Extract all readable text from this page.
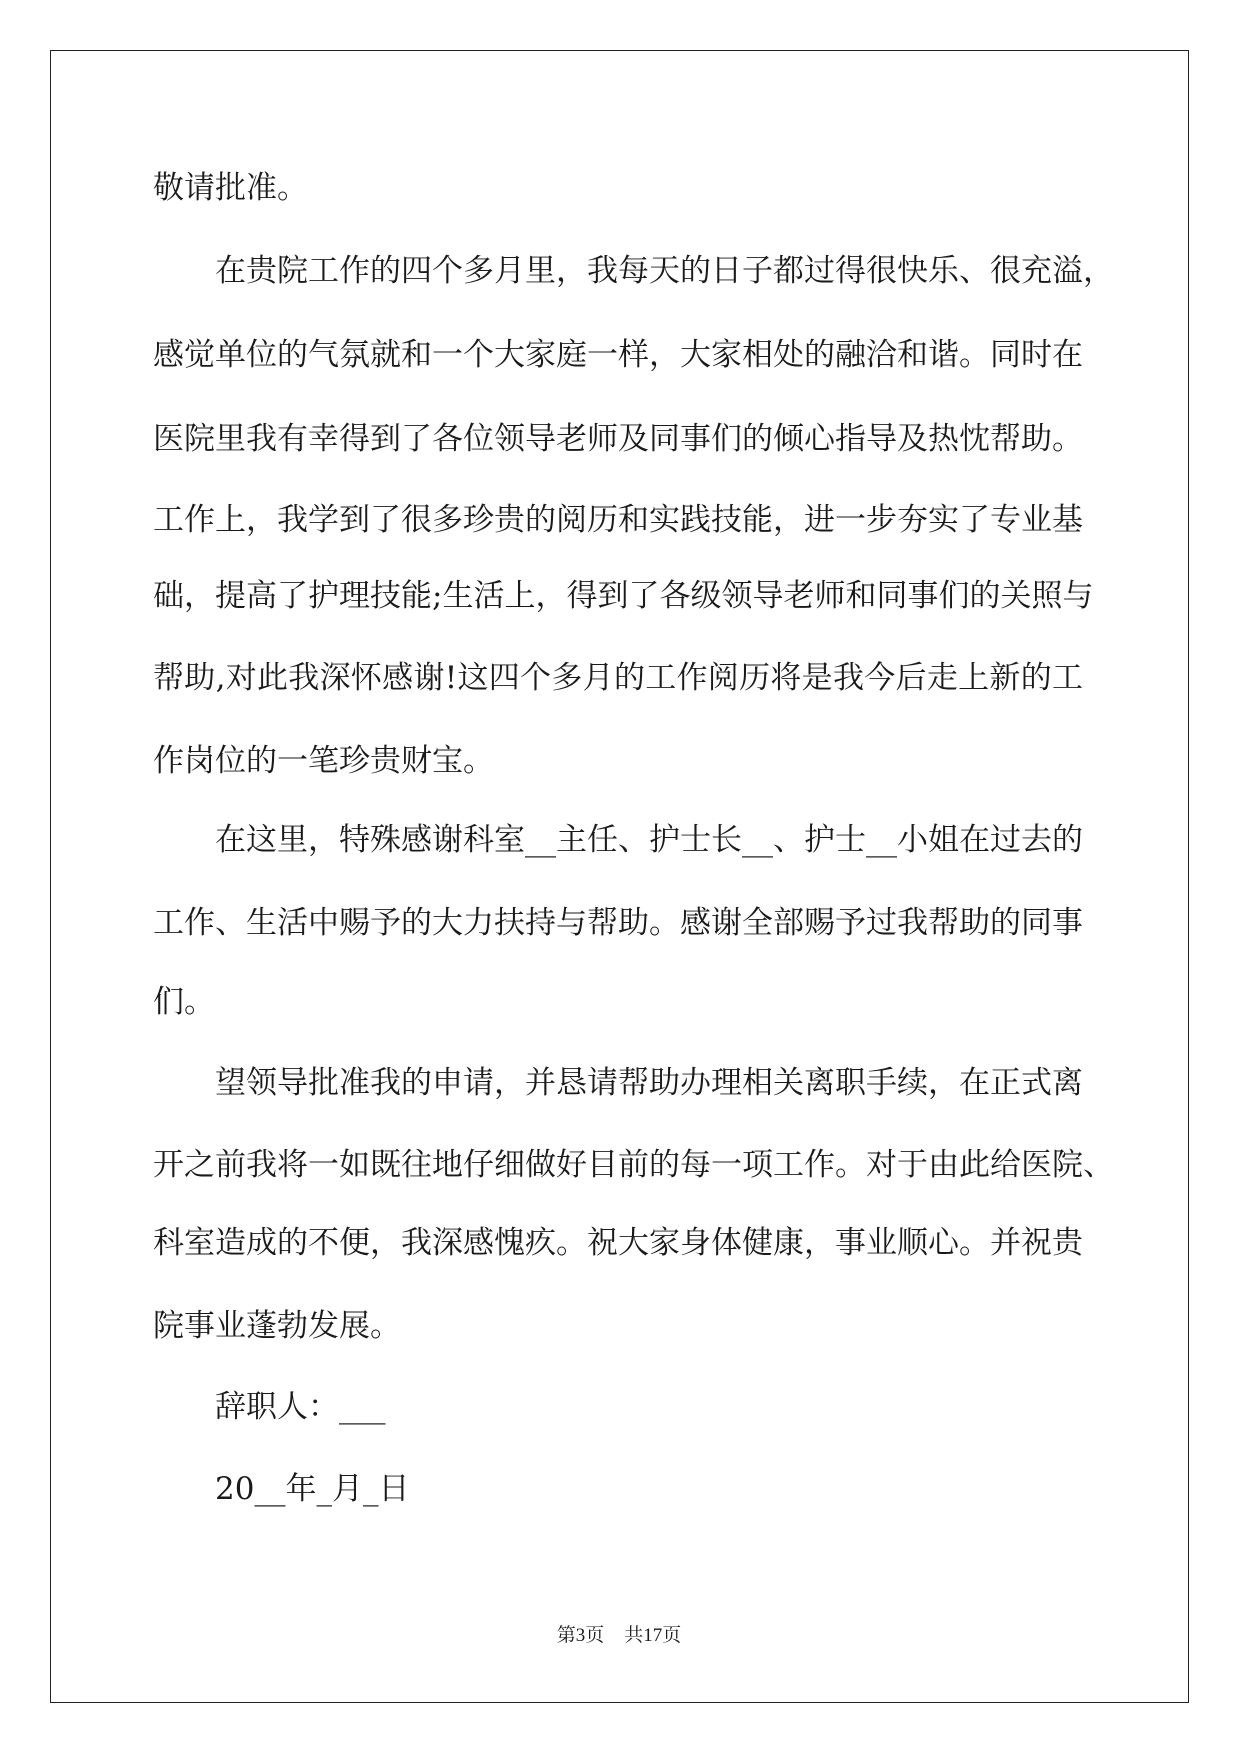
敬请批准。
在贵院工作的四个多月里，我每天的日子都过得很快乐、很充溢，
感觉单位的气氛就和一个大家庭一样，大家相处的融洽和谐。同时在
医院里我有幸得到了各位领导老师及同事们的倾心指导及热忱帮助。
工作上，我学到了很多珍贵的阅历和实践技能，进一步夯实了专业基
础，提高了护理技能;生活上，得到了各级领导老师和同事们的关照与
帮助,对此我深怀感谢!这四个多月的工作阅历将是我今后走上新的工
作岗位的一笔珍贵财宝。
在这里，特殊感谢科室__主任、护士长__、护士__小姐在过去的
工作、生活中赐予的大力扶持与帮助。感谢全部赐予过我帮助的同事
们。
望领导批准我的申请，并恳请帮助办理相关离职手续，在正式离
开之前我将一如既往地仔细做好目前的每一项工作。对于由此给医院、
科室造成的不便，我深感愧疚。祝大家身体健康，事业顺心。并祝贵
院事业蓬勃发展。
辞职人：___
20__年_月_日
第3页 共17页
